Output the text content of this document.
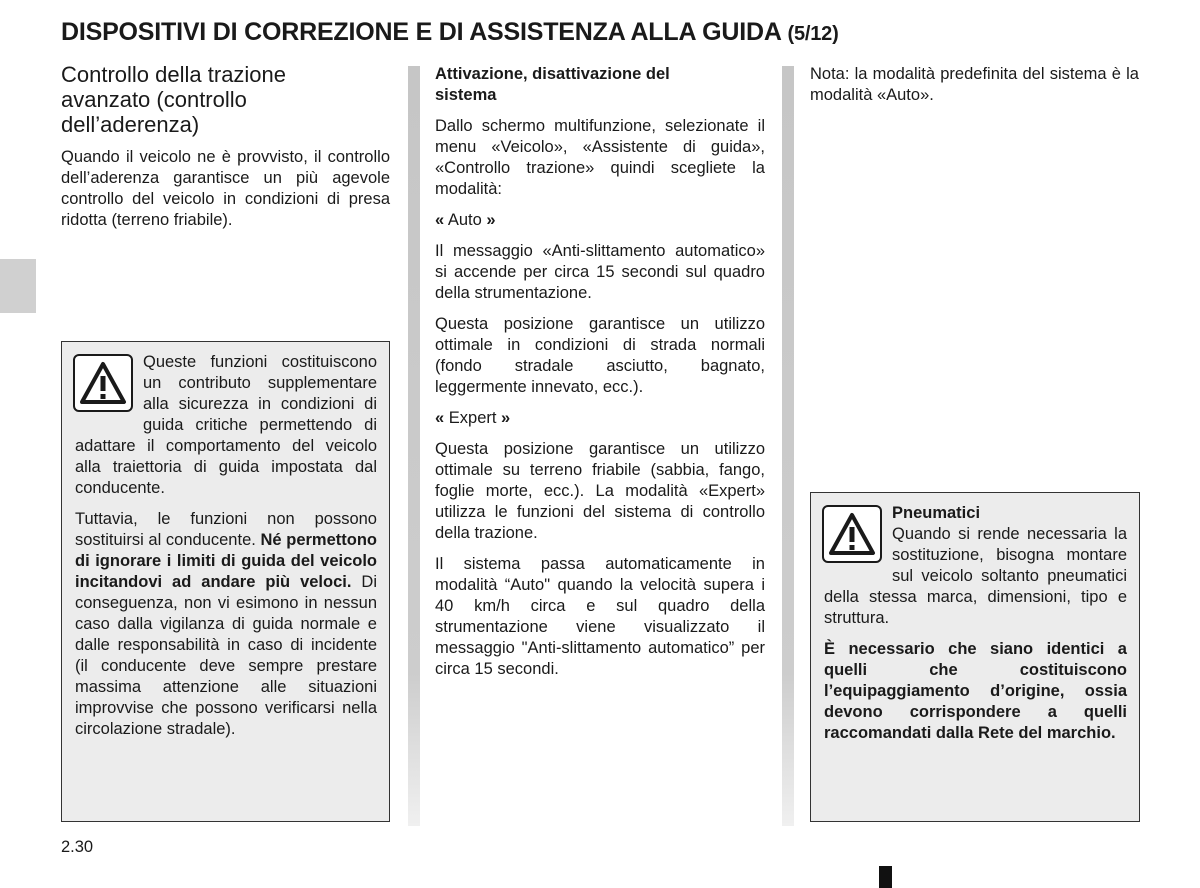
DISPOSITIVI DI CORREZIONE E DI ASSISTENZA ALLA GUIDA (5/12)
Controllo della trazione avanzato (controllo dell’aderenza)

Quando il veicolo ne è provvisto, il controllo dell’aderenza garantisce un più agevole controllo del veicolo in condizioni di presa ridotta (terreno friabile).

Queste funzioni costituiscono un contributo supplementare alla sicurezza in condizioni di guida critiche permettendo di adattare il comportamento del veicolo alla traiettoria di guida impostata dal conducente.

Tuttavia, le funzioni non possono sostituirsi al conducente. Né permettono di ignorare i limiti di guida del veicolo incitandovi ad andare più veloci. Di conseguenza, non vi esimono in nessun caso dalla vigilanza di guida normale e dalle responsabilità in caso di incidente (il conducente deve sempre prestare massima attenzione alle situazioni improvvise che possono verificarsi nella circolazione stradale).

Attivazione, disattivazione del sistema

Dallo schermo multifunzione, selezionate il menu «Veicolo», «Assistente di guida», «Controllo trazione» quindi scegliete la modalità:

« Auto »

Il messaggio «Anti-slittamento automatico» si accende per circa 15 secondi sul quadro della strumentazione.

Questa posizione garantisce un utilizzo ottimale in condizioni di strada normali (fondo stradale asciutto, bagnato, leggermente innevato, ecc.).

« Expert »

Questa posizione garantisce un utilizzo ottimale su terreno friabile (sabbia, fango, foglie morte, ecc.). La modalità «Expert» utilizza le funzioni del sistema di controllo della trazione.

Il sistema passa automaticamente in modalità “Auto" quando la velocità supera i 40 km/h circa e sul quadro della strumentazione viene visualizzato il messaggio "Anti-slittamento automatico” per circa 15 secondi.

Nota: la modalità predefinita del sistema è la modalità «Auto».

Pneumatici

Quando si rende necessaria la sostituzione, bisogna montare sul veicolo soltanto pneumatici della stessa marca, dimensioni, tipo e struttura.

È necessario che siano identici a quelli che costituiscono l’equipaggiamento d’origine, ossia devono corrispondere a quelli raccomandati dalla Rete del marchio.

2.30
